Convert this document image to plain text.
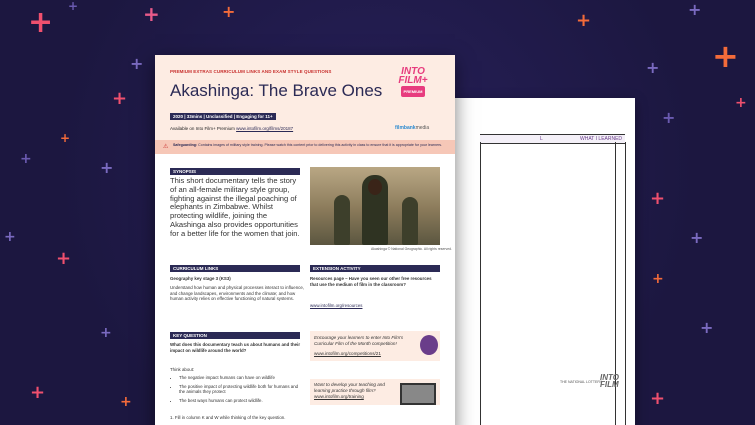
+	+	+
+
+
+
+
+
+
+
+
+
+	+
+
+
+
+
+
+
+
+
+
+
+
L	WHAT I LEARNED
PREMIUM EXTRAS CURRICULUM LINKS AND EXAM STYLE QUESTIONS
Akashinga: The Brave Ones
2020 | 33mins | Unclassified | Engaging for 11+
Available on Into Film+ Premium www.intofilm.org/films/20187
INTO
FILM+
PREMIUM
filmbankmedia
⚠ Safeguarding: Contains images of military style training. Please watch this content prior to delivering this activity in class to ensure that it is appropriate for your learners.
SYNOPSIS
This short documentary tells the story of an all-female military style group, fighting against the illegal poaching of elephants in Zimbabwe. Whilst protecting wildlife, joining the Akashinga also provides opportunities for a better life for the women that join.
Akashinga © National Geographic. All rights reserved.
CURRICULUM LINKS
Geography key stage 3 (KS3)
Understand how human and physical processes interact to influence, and change landscapes, environments and the climate; and how human activity relies on effective functioning of natural systems.
EXTENSION ACTIVITY
Resources page – Have you seen our other free resources that use the medium of film in the classroom?
www.intofilm.org/resources
KEY QUESTION
What does this documentary teach us about humans and their impact on wildlife around the world?
Think about:
• The negative impact humans can have on wildlife
• The positive impact of protecting wildlife both for humans and the animals they protect
• The best ways humans can protect wildlife.
1. Fill in column K and W while thinking of the key question.
Encourage your learners to enter Into Film's Curricular Film of the Month competition!
www.intofilm.org/competitions/21
Want to develop your teaching and learning practice through film?
www.intofilm.org/training
THE NATIONAL LOTTERY
INTO
FILM
